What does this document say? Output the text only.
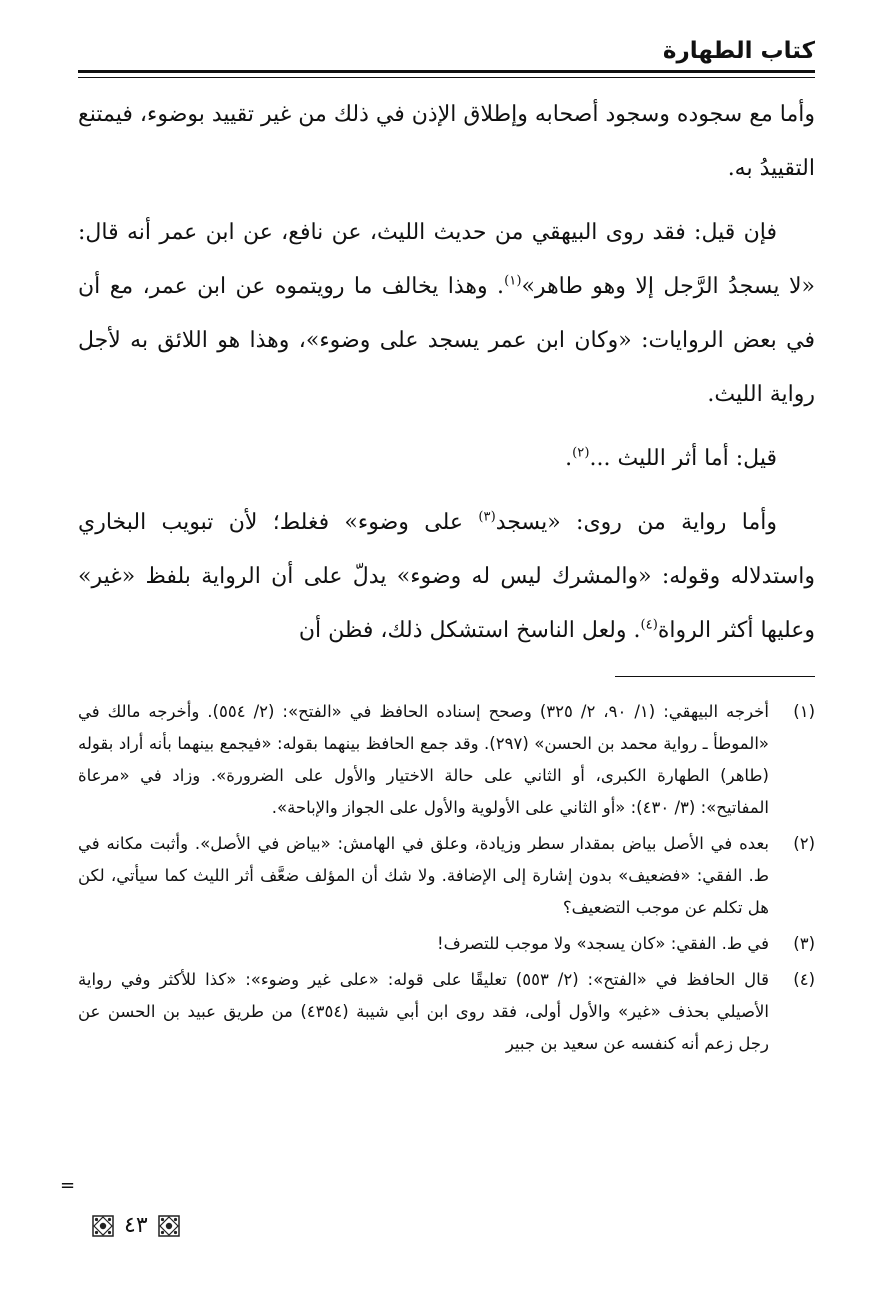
كتاب الطهارة

وأما مع سجوده وسجود أصحابه وإطلاق الإذن في ذلك من غير تقييد بوضوء، فيمتنع التقييدُ به.

فإن قيل: فقد روى البيهقي من حديث الليث، عن نافع، عن ابن عمر أنه قال: «لا يسجدُ الرَّجل إلا وهو طاهر»$^{(١)}$. وهذا يخالف ما رويتموه عن ابن عمر، مع أن في بعض الروايات: «وكان ابن عمر يسجد على وضوء»، وهذا هو اللائق به لأجل رواية الليث.

قيل: أما أثر الليث ...$^{(٢)}$.

وأما رواية من روى: «يسجد$^{(٣)}$ على وضوء» فغلط؛ لأن تبويب البخاري واستدلاله وقوله: «والمشرك ليس له وضوء» يدلّ على أن الرواية بلفظ «غير» وعليها أكثر الرواة$^{(٤)}$. ولعل الناسخ استشكل ذلك، فظن أن

(١)
أخرجه البيهقي: (١/ ٩٠، ٢/ ٣٢٥) وصحح إسناده الحافظ في «الفتح»: (٢/ ٥٥٤). وأخرجه مالك في «الموطأ ـ رواية محمد بن الحسن» (٢٩٧). وقد جمع الحافظ بينهما بقوله: «فيجمع بينهما بأنه أراد بقوله (طاهر) الطهارة الكبرى، أو الثاني على حالة الاختيار والأول على الضرورة». وزاد في «مرعاة المفاتيح»: (٣/ ٤٣٠): «أو الثاني على الأولوية والأول على الجواز والإباحة».
(٢)
بعده في الأصل بياض بمقدار سطر وزيادة، وعلق في الهامش: «بياض في الأصل». وأثبت مكانه في ط. الفقي: «فضعيف» بدون إشارة إلى الإضافة. ولا شك أن المؤلف ضعَّف أثر الليث كما سيأتي، لكن هل تكلم عن موجب التضعيف؟
(٣)
في ط. الفقي: «كان يسجد» ولا موجب للتصرف!
(٤)
قال الحافظ في «الفتح»: (٢/ ٥٥٣) تعليقًا على قوله: «على غير وضوء»: «كذا للأكثر وفي رواية الأصيلي بحذف «غير» والأول أولى، فقد روى ابن أبي شيبة (٤٣٥٤) من طريق عبيد بن الحسن عن رجل زعم أنه كنفسه عن سعيد بن جبير
=
٤٣
